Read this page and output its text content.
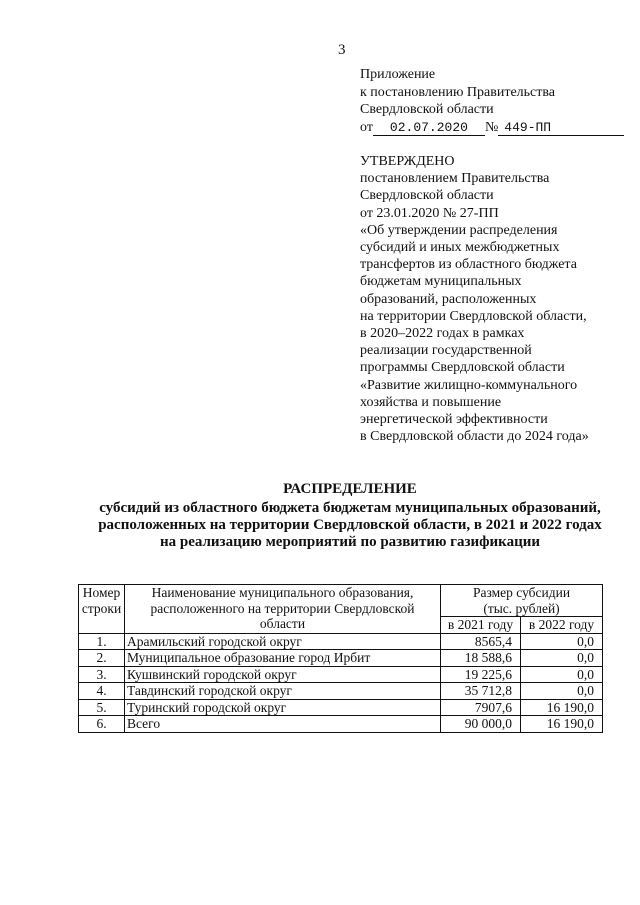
3
Приложение
к постановлению Правительства
Свердловской области
от 02.07.2020 № 449-ПП
УТВЕРЖДЕНО
постановлением Правительства
Свердловской области
от 23.01.2020 № 27-ПП
«Об утверждении распределения
субсидий и иных межбюджетных
трансфертов из областного бюджета
бюджетам муниципальных
образований, расположенных
на территории Свердловской области,
в 2020–2022 годах в рамках
реализации государственной
программы Свердловской области
«Развитие жилищно-коммунального
хозяйства и повышение
энергетической эффективности
в Свердловской области до 2024 года»
РАСПРЕДЕЛЕНИЕ
субсидий из областного бюджета бюджетам муниципальных образований,
расположенных на территории Свердловской области, в 2021 и 2022 годах
на реализацию мероприятий по развитию газификации
Номер
строки	Наименование муниципального образования, расположенного на территории Свердловской области	Размер субсидии (тыс. рублей)	
		в 2021 году	в 2022 году
1.	Арамильский городской округ	8565,4	0,0
2.	Муниципальное образование город Ирбит	18 588,6	0,0
3.	Кушвинский городской округ	19 225,6	0,0
4.	Тавдинский городской округ	35 712,8	0,0
5.	Туринский городской округ	7907,6	16 190,0
6.	Всего	90 000,0	16 190,0
